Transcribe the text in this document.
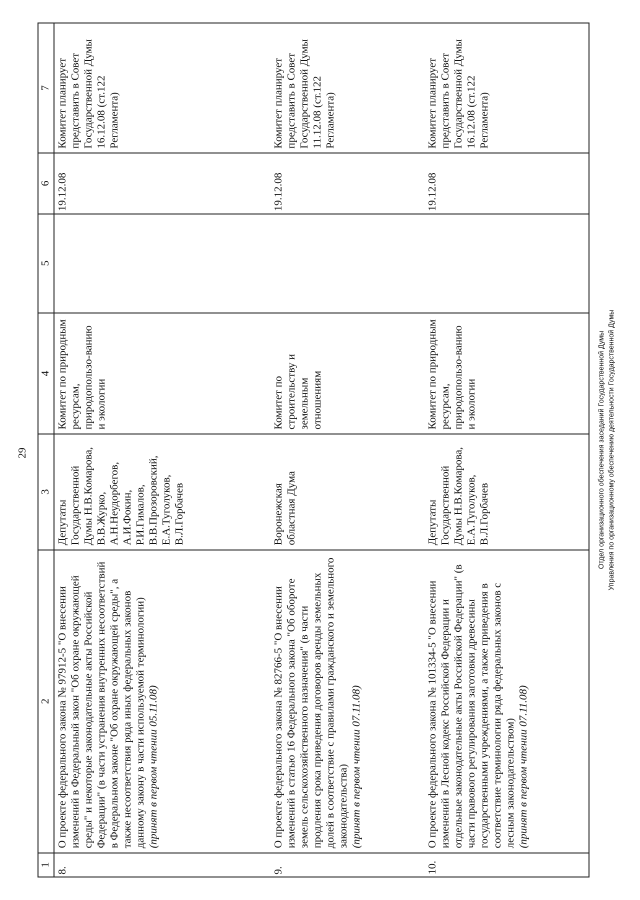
29	Управления по организационному обеспечению деятельности Государственной Думы
Отдел организационного обеспечения заседаний Государственной Думы
1	2	3	4	5	6	7
8.	О проекте федерального закона № 97912-5 "О внесении изменений в Федеральный закон "Об охране окружающей среды" и некоторые законодательные акты Российской Федерации" (в части устранения внутренних несоответствий в Федеральном законе "Об охране окружающей среды", а также несоответствия ряда иных федеральных законов данному закону в части используемой терминологии)
(принят в первом чтении 05.11.08)	Депутаты Государственной Думы Н.В.Комарова, В.В.Журко, А.Н.Неудорбегов, А.И.Фокин, Р.И.Гималов, В.В.Прозоровский, Е.А.Туголуков, В.Л.Горбачев	Комитет по природным ресурсам, природопользо-ванию и экологии		19.12.08	Комитет планирует представить в Совет Государственной Думы 16.12.08 (ст.122 Регламента)
9.	О проекте федерального закона № 82766-5 "О внесении изменений в статью 16 Федерального закона "Об обороте земель сельскохозяйственного назначения" (в части продления срока приведения договоров аренды земельных долей в соответствие с правилами гражданского и земельного законодательства)
(принят в первом чтении 07.11.08)	Воронежская областная Дума	Комитет по строительству и земельным отношениям		19.12.08	Комитет планирует представить в Совет Государственной Думы 11.12.08 (ст.122 Регламента)
10.	О проекте федерального закона № 101334-5 "О внесении изменений в Лесной кодекс Российской Федерации и отдельные законодательные акты Российской Федерации" (в части правового регулирования заготовки древесины государственными учреждениями, а также приведения в соответствие терминологии ряда федеральных законов с лесным законодательством)
(принят в первом чтении 07.11.08)	Депутаты Государственной Думы Н.В.Комарова, Е.А.Туголуков, В.Л.Горбачев	Комитет по природным ресурсам, природопользо-ванию и экологии		19.12.08	Комитет планирует представить в Совет Государственной Думы 16.12.08 (ст.122 Регламента)
